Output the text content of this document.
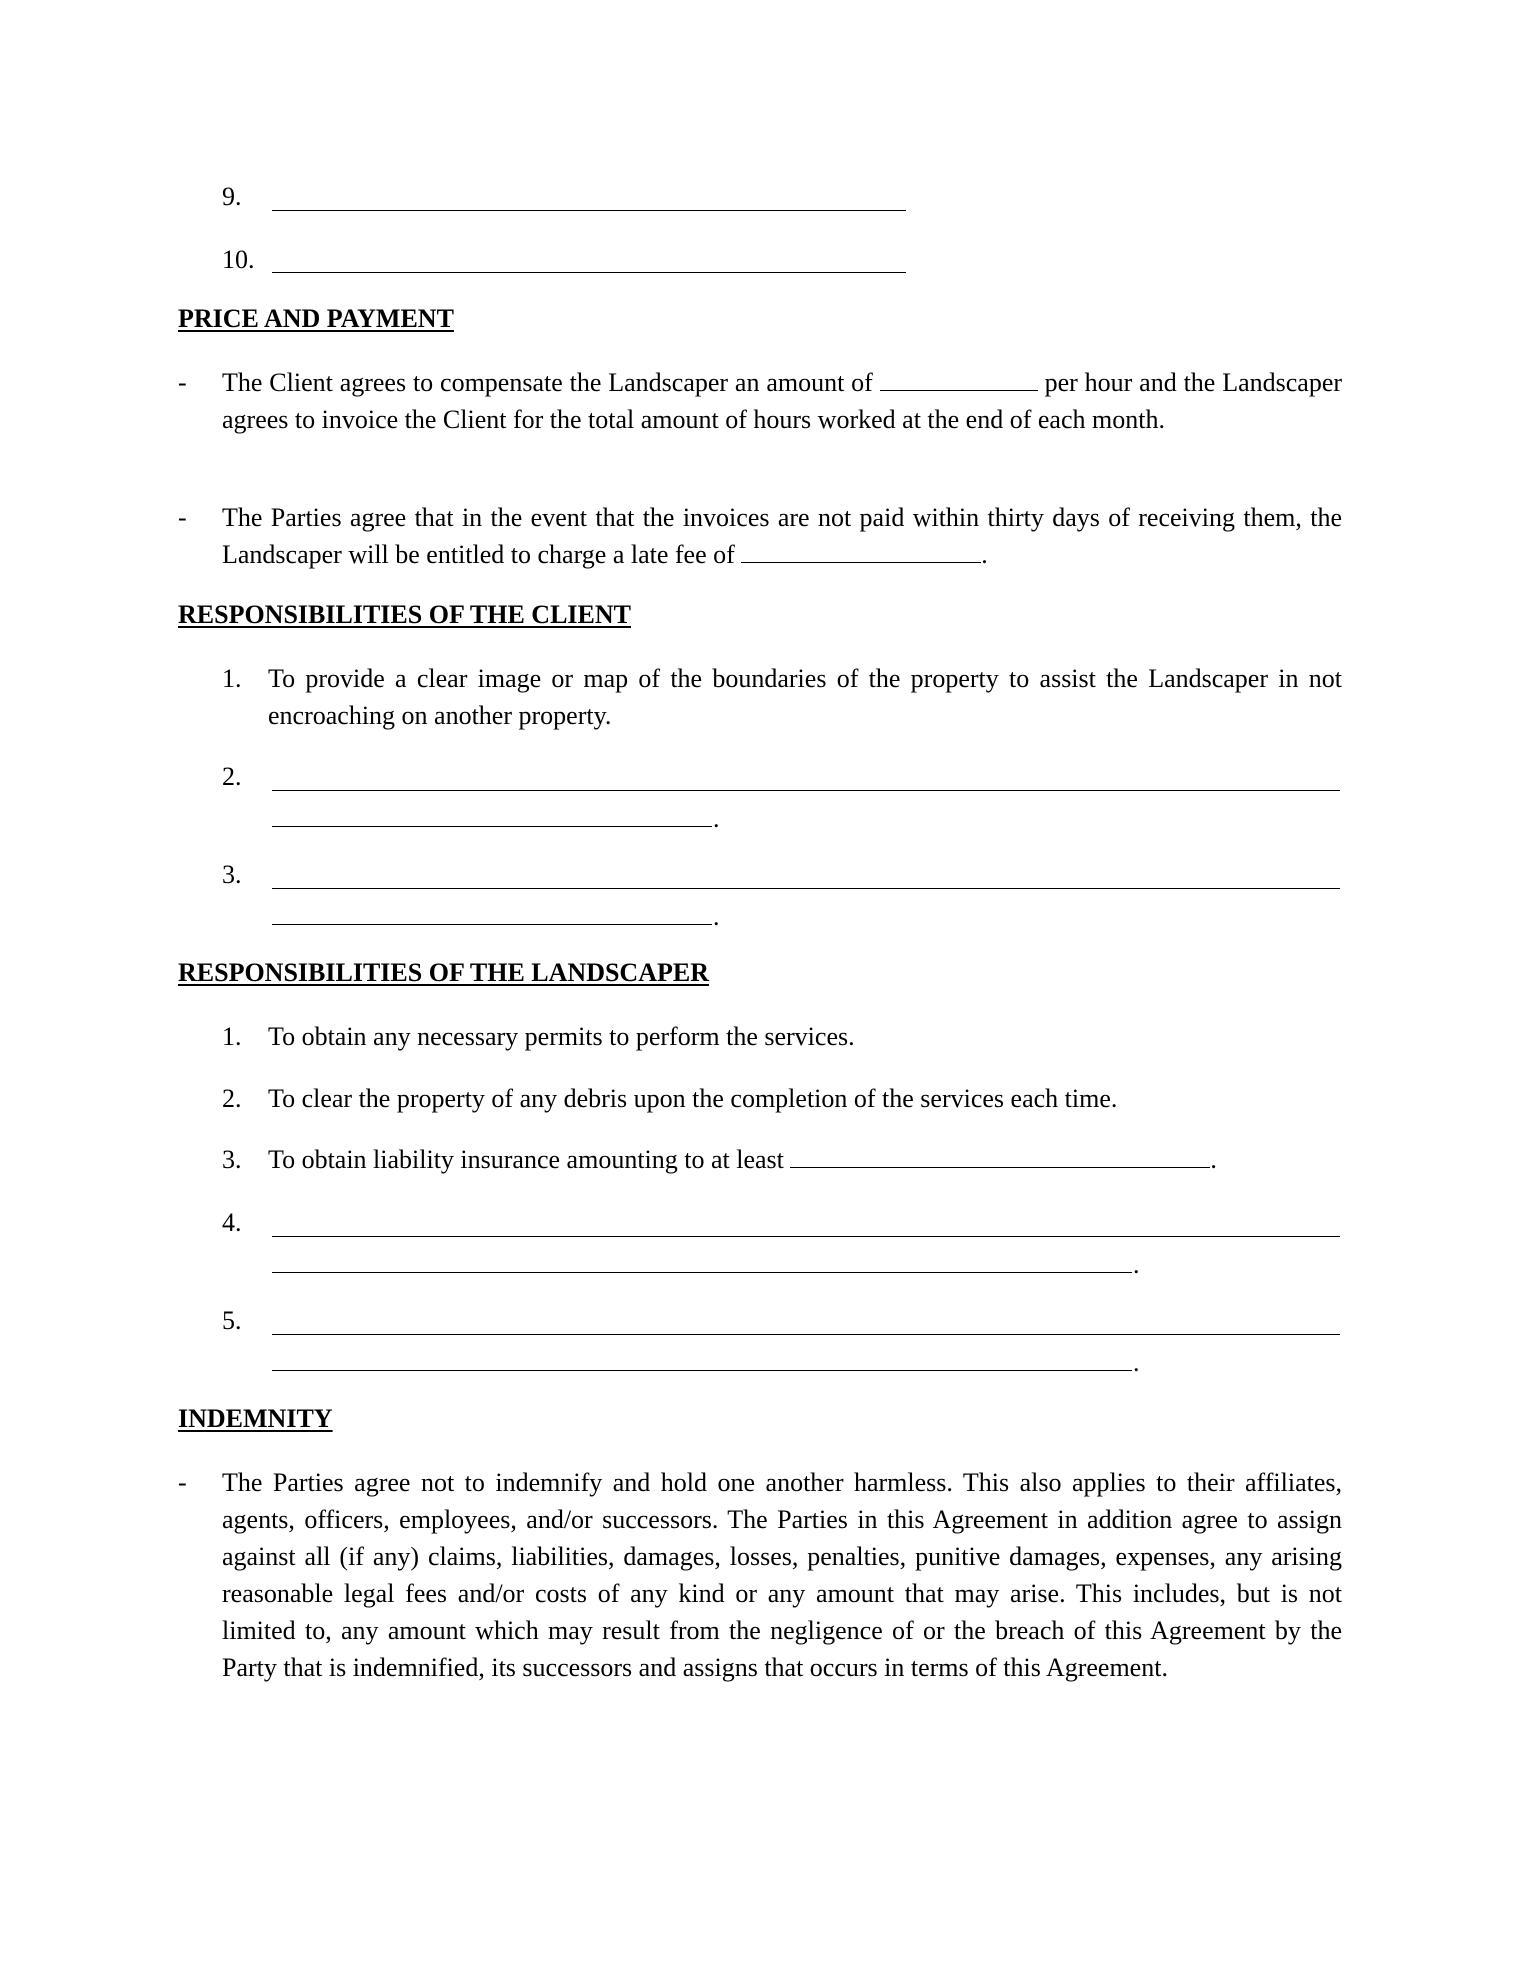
9.
10.
PRICE AND PAYMENT
- The Client agrees to compensate the Landscaper an amount of	per hour and the Landscaper agrees to invoice the Client for the total amount of hours worked at the end of each month.
- The Parties agree that in the event that the invoices are not paid within thirty days of receiving them, the Landscaper will be entitled to charge a late fee of	.
RESPONSIBILITIES OF THE CLIENT
1. To provide a clear image or map of the boundaries of the property to assist the Landscaper in not encroaching on another property.
2.
.
3.
.
RESPONSIBILITIES OF THE LANDSCAPER
1. To obtain any necessary permits to perform the services.
2. To clear the property of any debris upon the completion of the services each time.
3. To obtain liability insurance amounting to at least	.
4.
.
5.
.
INDEMNITY
- The Parties agree not to indemnify and hold one another harmless. This also applies to their affiliates, agents, officers, employees, and/or successors. The Parties in this Agreement in addition agree to assign against all (if any) claims, liabilities, damages, losses, penalties, punitive damages, expenses, any arising reasonable legal fees and/or costs of any kind or any amount that may arise. This includes, but is not limited to, any amount which may result from the negligence of or the breach of this Agreement by the Party that is indemnified, its successors and assigns that occurs in terms of this Agreement.
